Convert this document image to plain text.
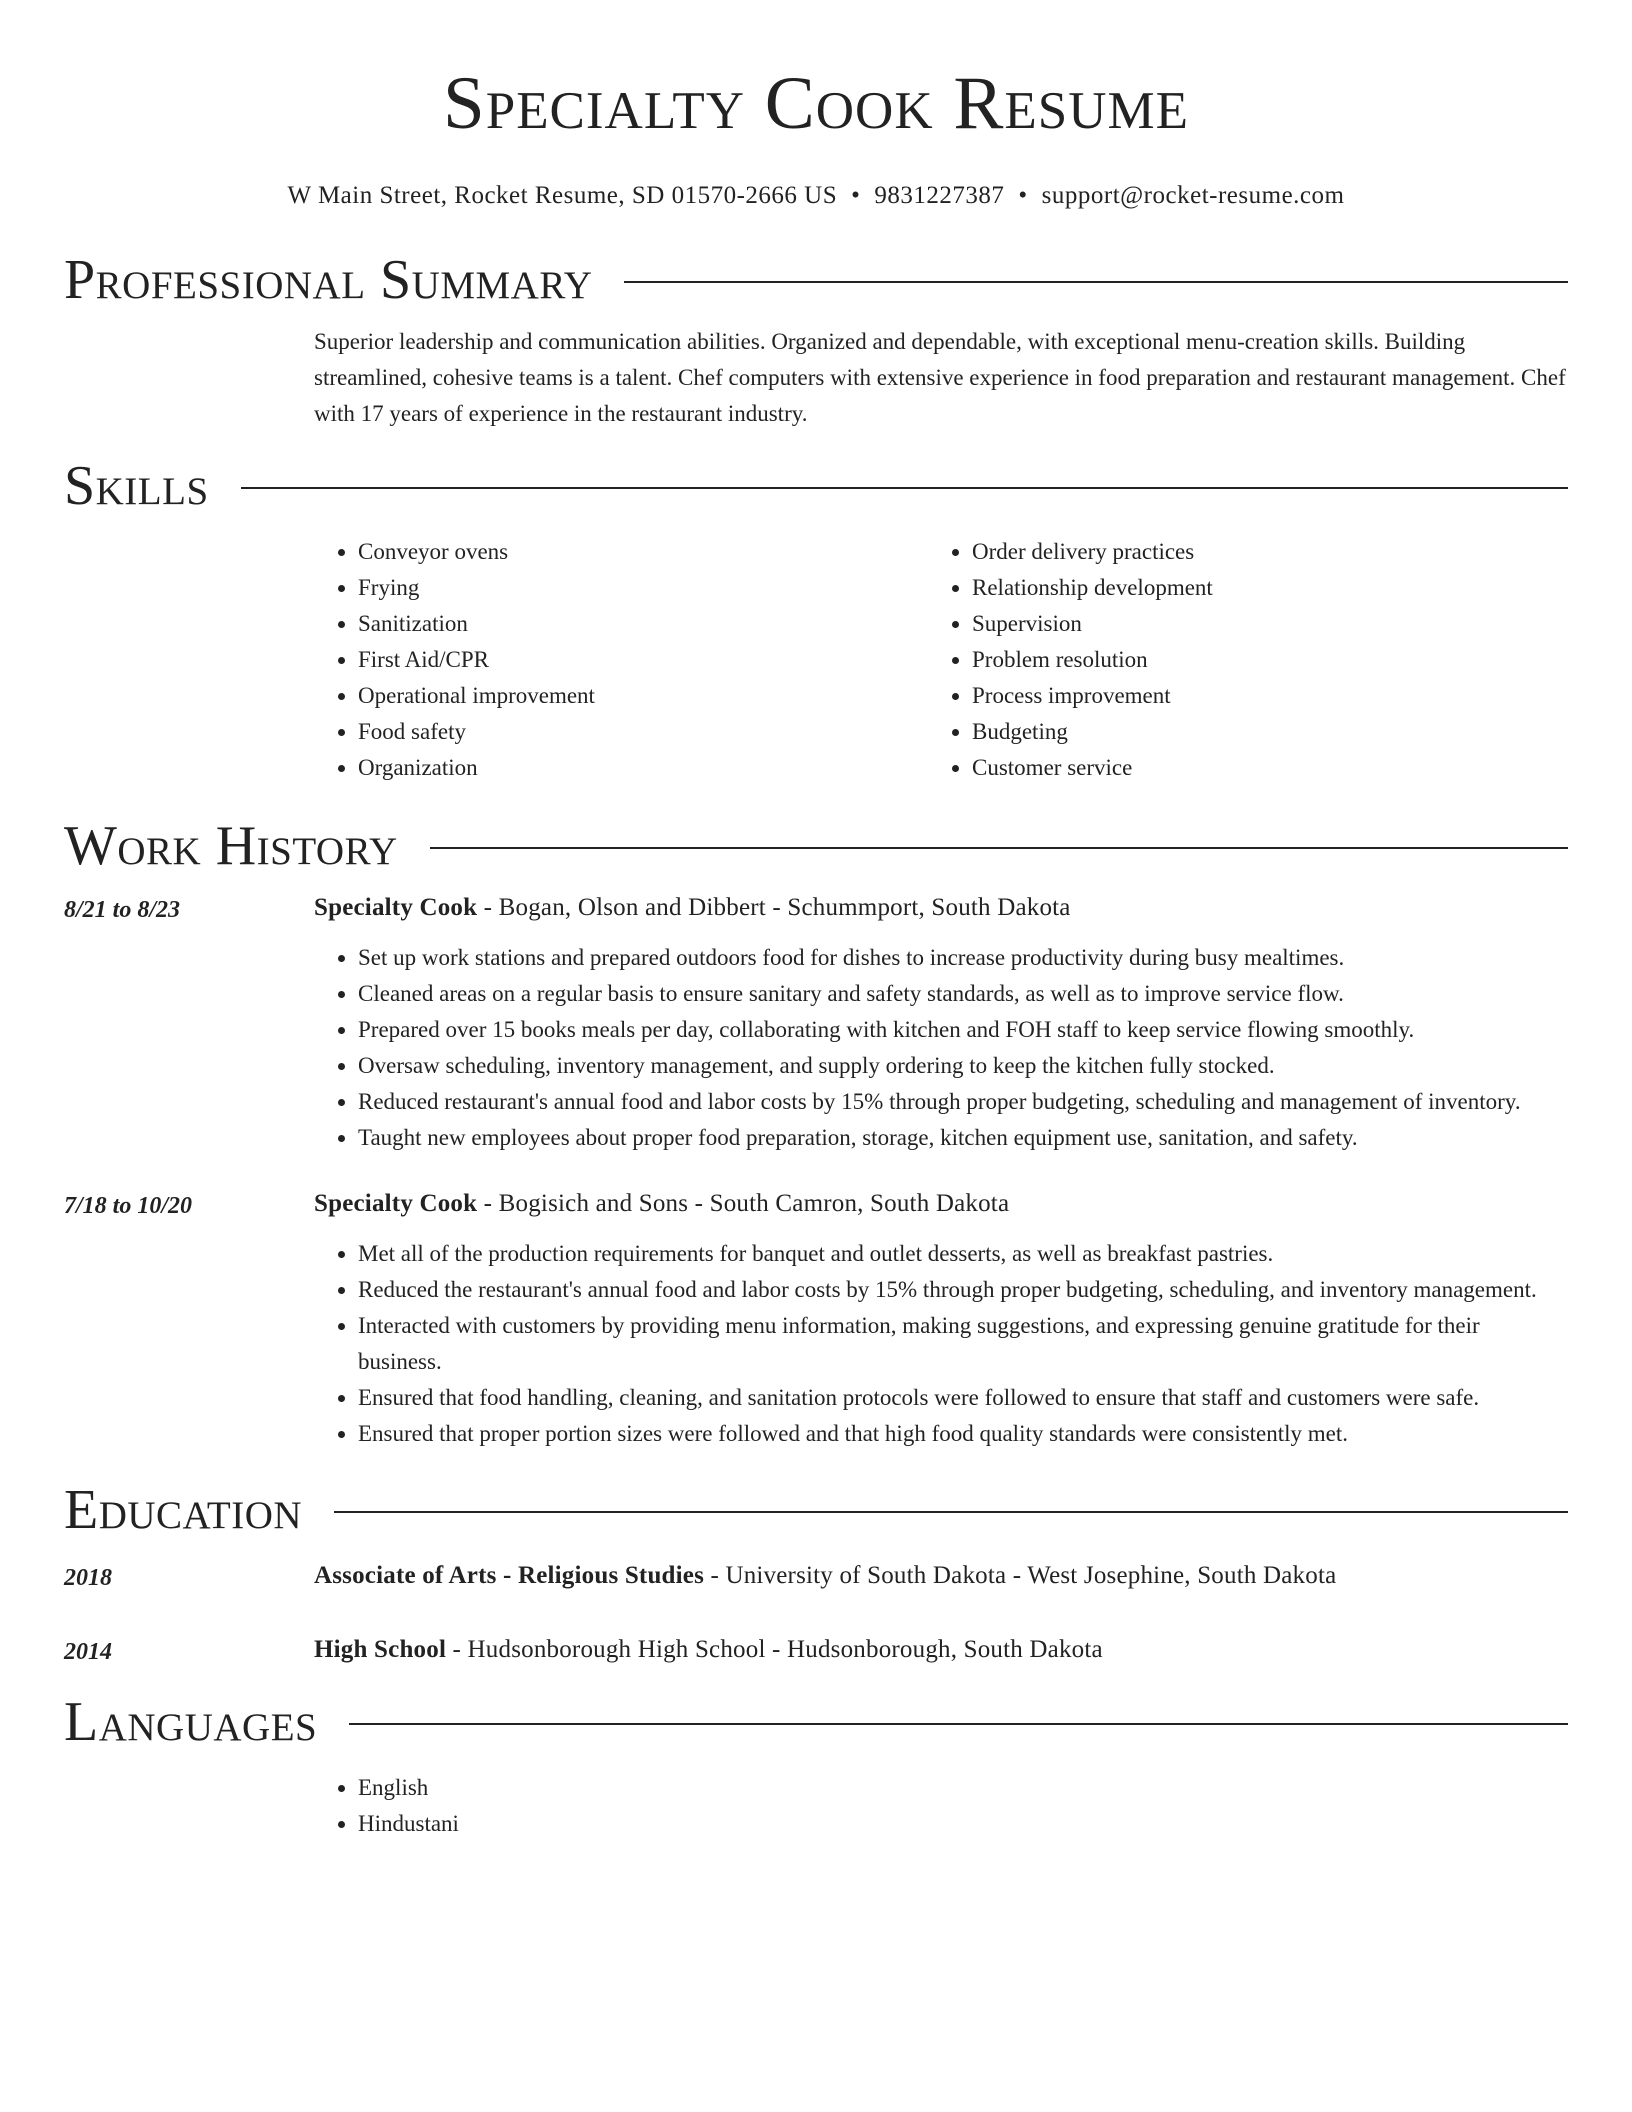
Specialty Cook Resume
W Main Street, Rocket Resume, SD 01570-2666 US • 9831227387 • support@rocket-resume.com
Professional Summary

Superior leadership and communication abilities. Organized and dependable, with exceptional menu-creation skills. Building streamlined, cohesive teams is a talent. Chef computers with extensive experience in food preparation and restaurant management. Chef with 17 years of experience in the restaurant industry.

Skills
• Conveyor ovens
• Frying
• Sanitization
• First Aid/CPR
• Operational improvement
• Food safety
• Organization
• Order delivery practices
• Relationship development
• Supervision
• Problem resolution
• Process improvement
• Budgeting
• Customer service
Work History
8/21 to 8/23	Specialty Cook - Bogan, Olson and Dibbert - Schummport, South Dakota
• Set up work stations and prepared outdoors food for dishes to increase productivity during busy mealtimes.
• Cleaned areas on a regular basis to ensure sanitary and safety standards, as well as to improve service flow.
• Prepared over 15 books meals per day, collaborating with kitchen and FOH staff to keep service flowing smoothly.
• Oversaw scheduling, inventory management, and supply ordering to keep the kitchen fully stocked.
• Reduced restaurant's annual food and labor costs by 15% through proper budgeting, scheduling and management of inventory.
• Taught new employees about proper food preparation, storage, kitchen equipment use, sanitation, and safety.
7/18 to 10/20	Specialty Cook - Bogisich and Sons - South Camron, South Dakota
• Met all of the production requirements for banquet and outlet desserts, as well as breakfast pastries.
• Reduced the restaurant's annual food and labor costs by 15% through proper budgeting, scheduling, and inventory management.
• Interacted with customers by providing menu information, making suggestions, and expressing genuine gratitude for their business.
• Ensured that food handling, cleaning, and sanitation protocols were followed to ensure that staff and customers were safe.
• Ensured that proper portion sizes were followed and that high food quality standards were consistently met.
Education
2018	Associate of Arts - Religious Studies - University of South Dakota - West Josephine, South Dakota
2014	High School - Hudsonborough High School - Hudsonborough, South Dakota
Languages
• English
• Hindustani
